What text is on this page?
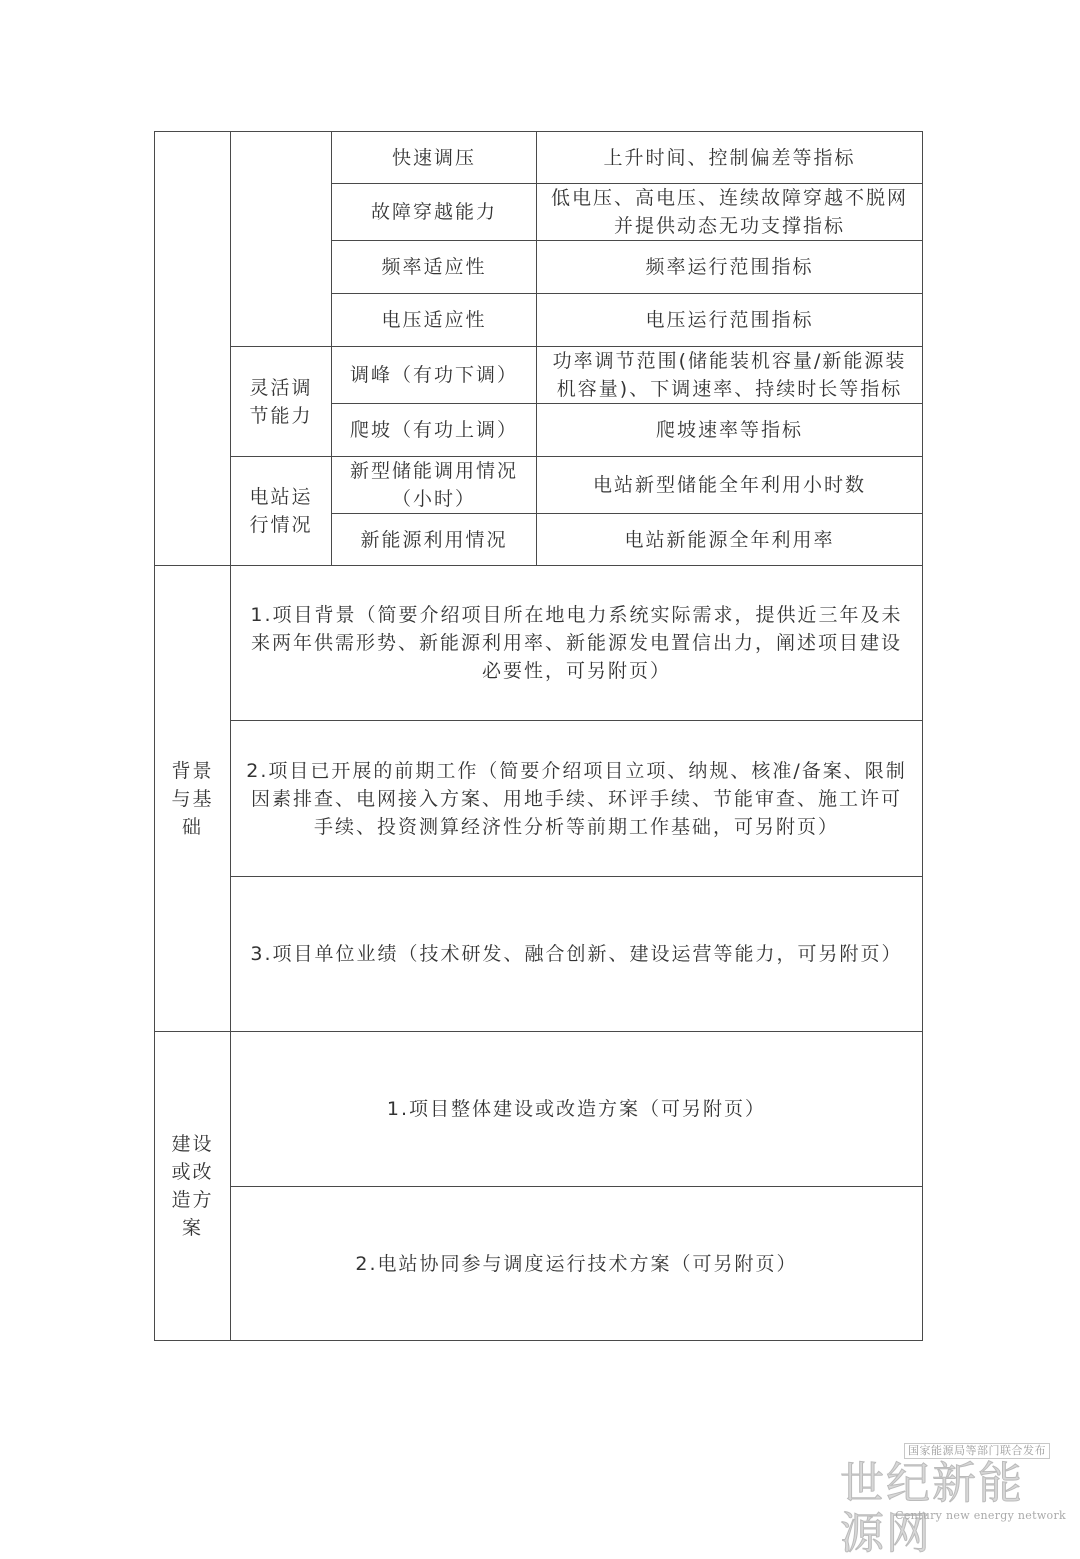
		快速调压	上升时间、控制偏差等指标
		故障穿越能力	低电压、高电压、连续故障穿越不脱网
并提供动态无功支撑指标

		频率适应性	频率运行范围指标
		电压适应性	电压运行范围指标

	灵活调
节能力	调峰（有功下调）	功率调节范围(储能装机容量/新能源装
机容量)、下调速率、持续时长等指标

		爬坡（有功上调）	爬坡速率等指标

	电站运
行情况	新型储能调用情况
（小时）	电站新型储能全年利用小时数
		新能源利用情况	电站新能源全年利用率

背景
与基
础	1.项目背景（简要介绍项目所在地电力系统实际需求，提供近三年及未
来两年供需形势、新能源利用率、新能源发电置信出力，阐述项目建设
必要性，可另附页）		

	2.项目已开展的前期工作（简要介绍项目立项、纳规、核准/备案、限制
因素排查、电网接入方案、用地手续、环评手续、节能审查、施工许可
手续、投资测算经济性分析等前期工作基础，可另附页）		

	3.项目单位业绩（技术研发、融合创新、建设运营等能力，可另附页）		

建设
或改
造方
案	1.项目整体建设或改造方案（可另附页）		
	2.电站协同参与调度运行技术方案（可另附页）		
国家能源局等部门联合发布
世纪新能源网
Century new energy network
